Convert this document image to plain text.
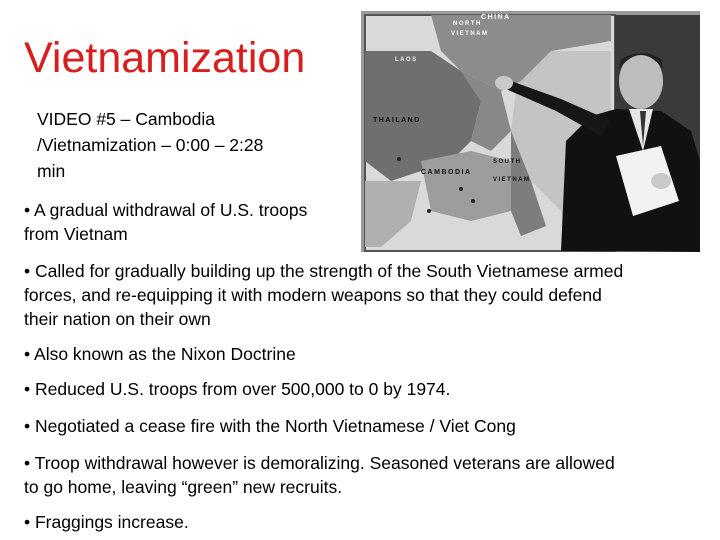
Vietnamization
VIDEO #5 – Cambodia
/Vietnamization – 0:00 – 2:28
min
CHINA
NORTH
VIETNAM
LAOS
THAILAND
CAMBODIA
SOUTH
VIETNAM
• A gradual withdrawal of U.S. troops
from Vietnam
• Called for gradually building up the strength of the South Vietnamese armed
forces, and re-equipping it with modern weapons so that they could defend
their nation on their own
• Also known as the Nixon Doctrine
• Reduced U.S. troops from over 500,000 to 0 by 1974.
• Negotiated a cease fire with the North Vietnamese / Viet Cong
• Troop withdrawal however is demoralizing. Seasoned veterans are allowed
to go home, leaving “green” new recruits.
• Fraggings increase.
